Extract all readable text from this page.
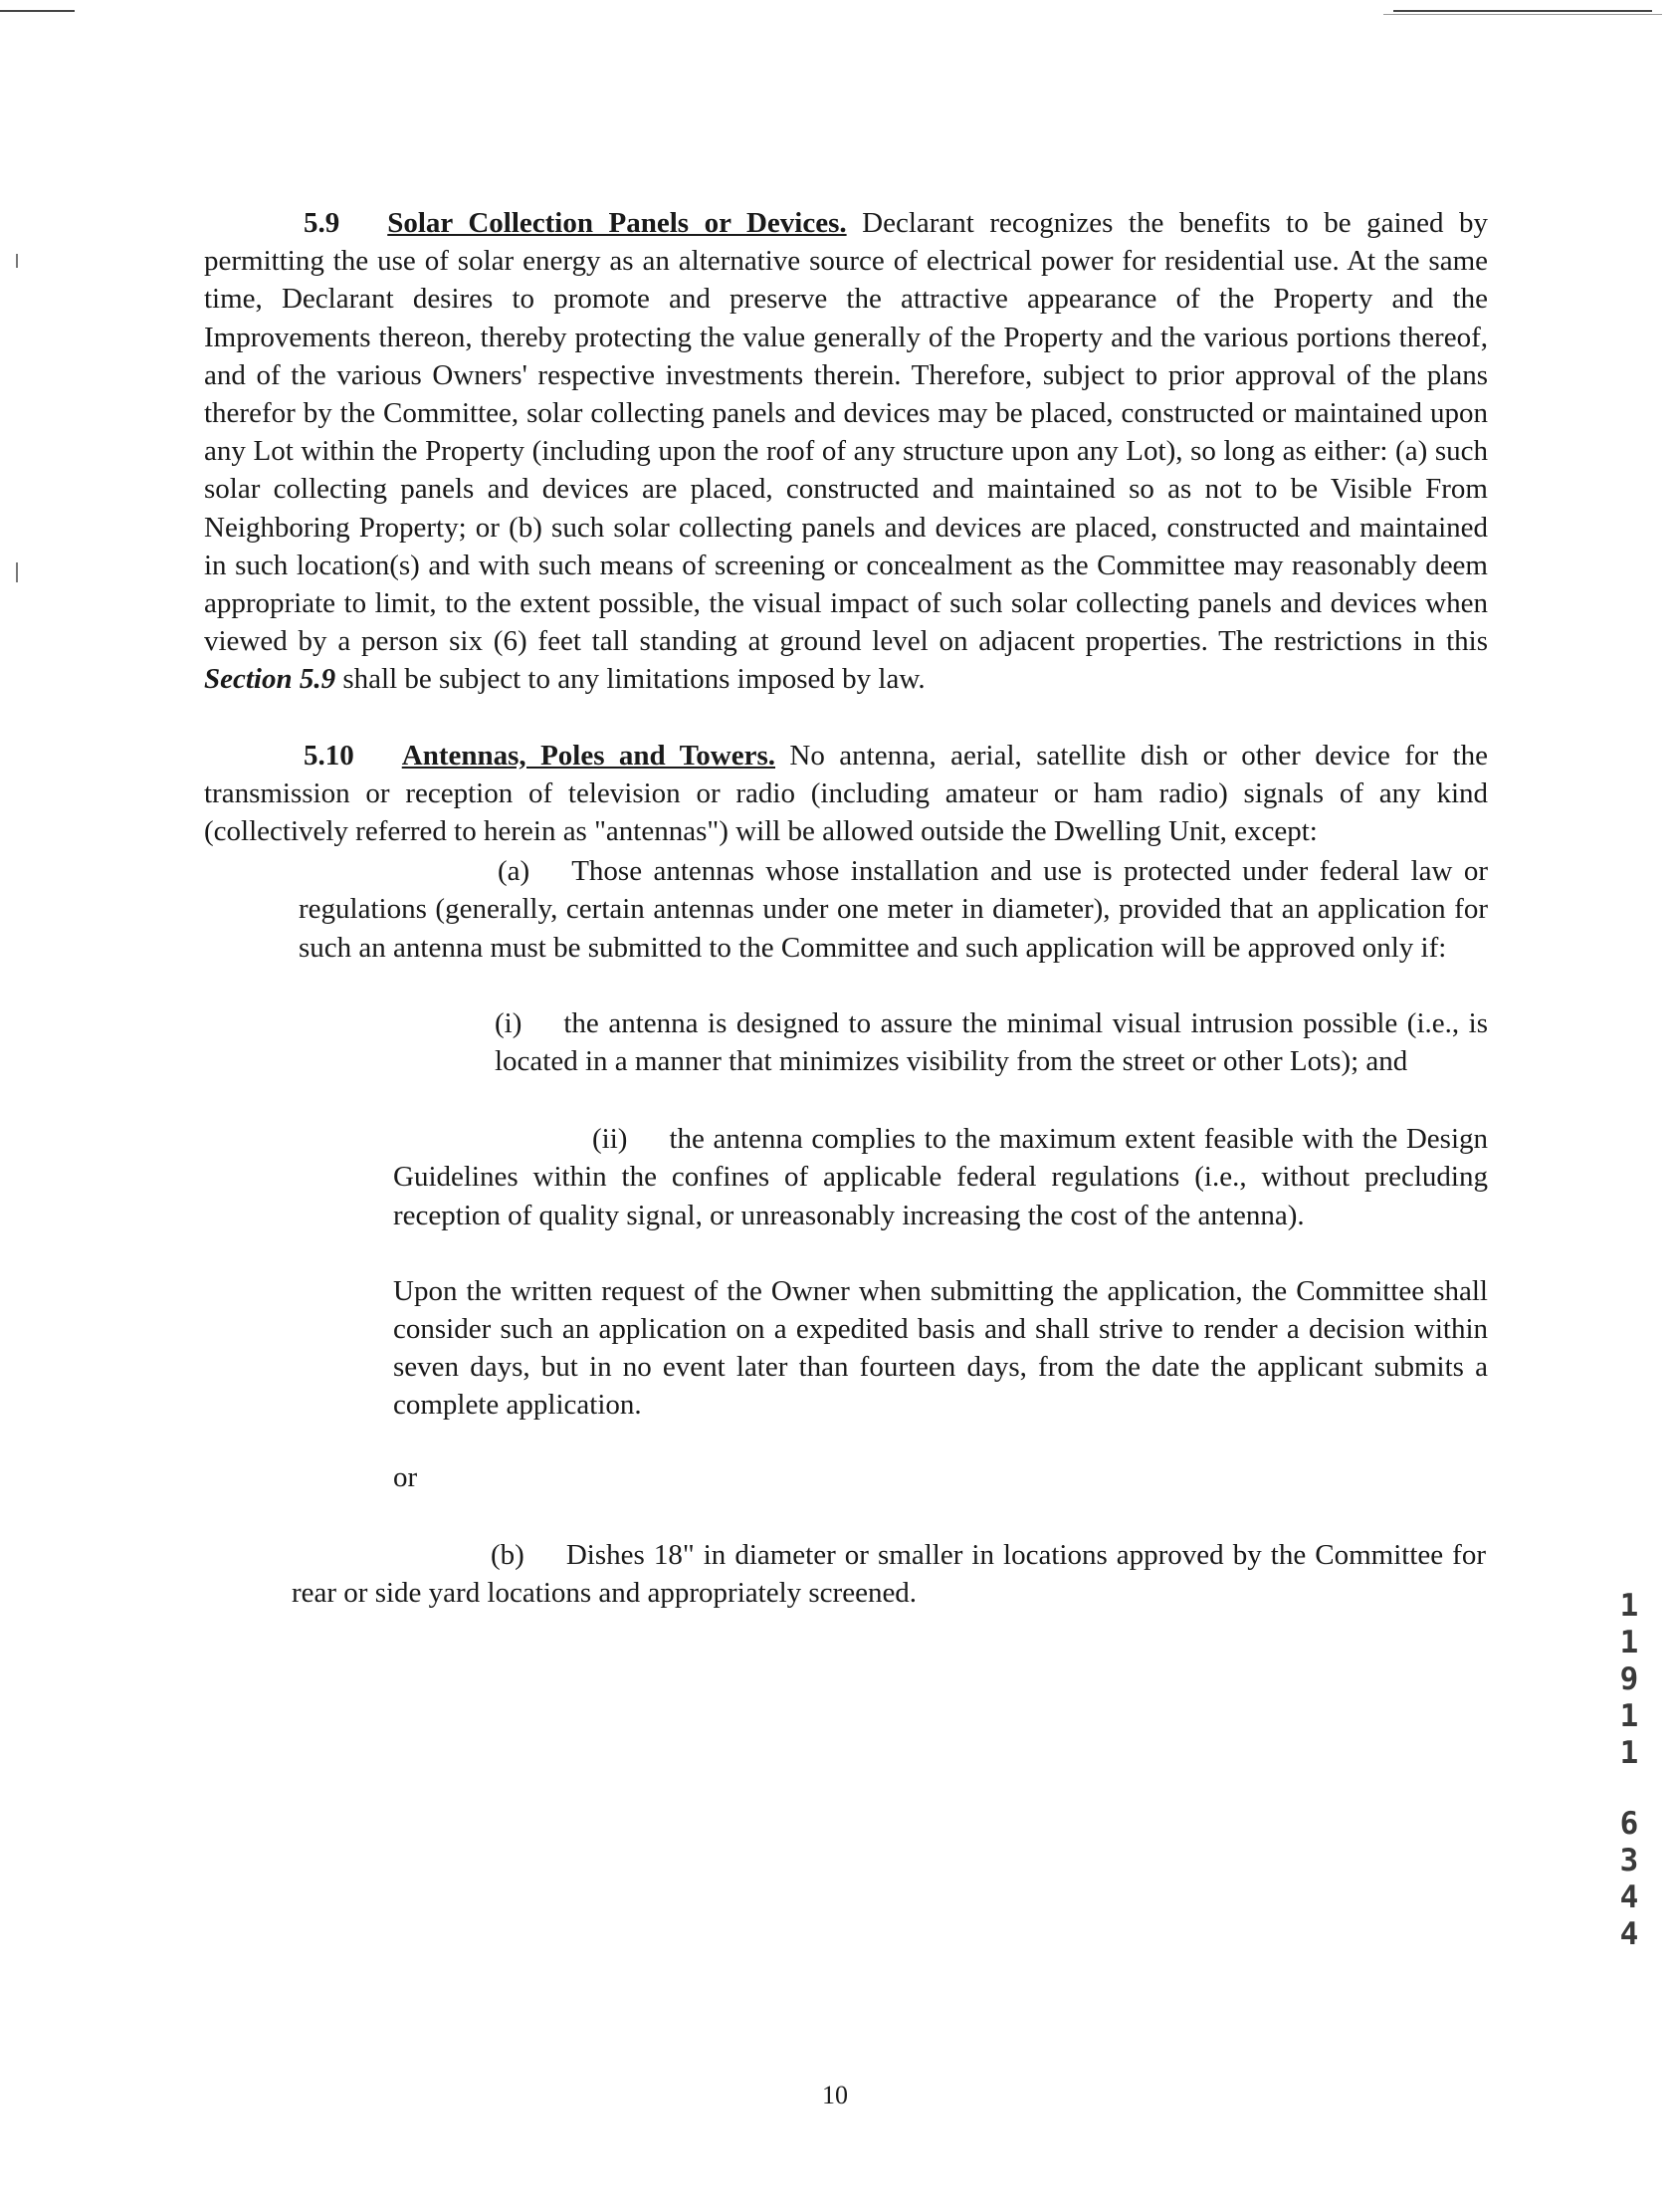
5.9 Solar Collection Panels or Devices. Declarant recognizes the benefits to be gained by permitting the use of solar energy as an alternative source of electrical power for residential use. At the same time, Declarant desires to promote and preserve the attractive appearance of the Property and the Improvements thereon, thereby protecting the value generally of the Property and the various portions thereof, and of the various Owners' respective investments therein. Therefore, subject to prior approval of the plans therefor by the Committee, solar collecting panels and devices may be placed, constructed or maintained upon any Lot within the Property (including upon the roof of any structure upon any Lot), so long as either: (a) such solar collecting panels and devices are placed, constructed and maintained so as not to be Visible From Neighboring Property; or (b) such solar collecting panels and devices are placed, constructed and maintained in such location(s) and with such means of screening or concealment as the Committee may reasonably deem appropriate to limit, to the extent possible, the visual impact of such solar collecting panels and devices when viewed by a person six (6) feet tall standing at ground level on adjacent properties. The restrictions in this Section 5.9 shall be subject to any limitations imposed by law.

5.10 Antennas, Poles and Towers. No antenna, aerial, satellite dish or other device for the transmission or reception of television or radio (including amateur or ham radio) signals of any kind (collectively referred to herein as "antennas") will be allowed outside the Dwelling Unit, except:

(a) Those antennas whose installation and use is protected under federal law or regulations (generally, certain antennas under one meter in diameter), provided that an application for such an antenna must be submitted to the Committee and such application will be approved only if:

(i) the antenna is designed to assure the minimal visual intrusion possible (i.e., is located in a manner that minimizes visibility from the street or other Lots); and

(ii) the antenna complies to the maximum extent feasible with the Design Guidelines within the confines of applicable federal regulations (i.e., without precluding reception of quality signal, or unreasonably increasing the cost of the antenna).

Upon the written request of the Owner when submitting the application, the Committee shall consider such an application on a expedited basis and shall strive to render a decision within seven days, but in no event later than fourteen days, from the date the applicant submits a complete application.

or

(b) Dishes 18" in diameter or smaller in locations approved by the Committee for rear or side yard locations and appropriately screened.

10
1
1
9
1
1
6
3
4
4
